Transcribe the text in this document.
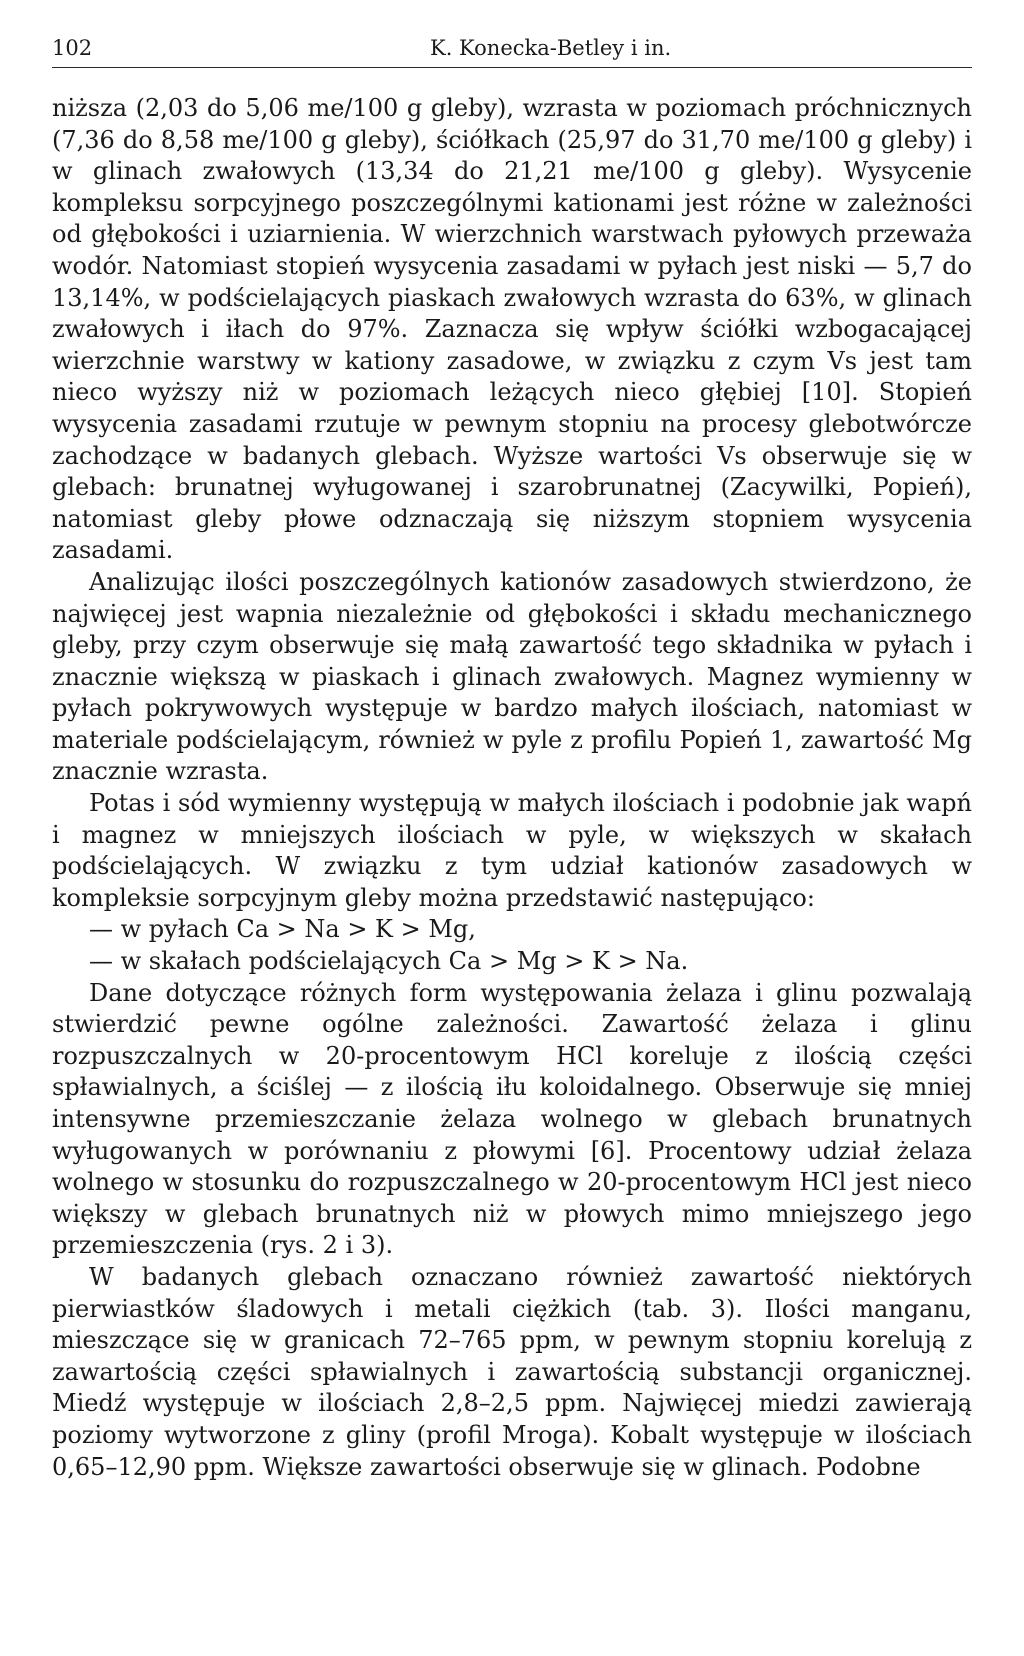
102	K. Konecka-Betley i in.

niższa (2,03 do 5,06 me/100 g gleby), wzrasta w poziomach próchnicznych (7,36 do 8,58 me/100 g gleby), ściółkach (25,97 do 31,70 me/100 g gleby) i w glinach zwałowych (13,34 do 21,21 me/100 g gleby). Wysycenie kompleksu sorpcyjnego poszczególnymi kationami jest różne w zależności od głębokości i uziarnienia. W wierzchnich warstwach pyłowych przeważa wodór. Natomiast stopień wysycenia zasadami w pyłach jest niski — 5,7 do 13,14%, w podścielających piaskach zwałowych wzrasta do 63%, w glinach zwałowych i iłach do 97%. Zaznacza się wpływ ściółki wzbogacającej wierzchnie warstwy w kationy zasadowe, w związku z czym Vs jest tam nieco wyższy niż w poziomach leżących nieco głębiej [10]. Stopień wysycenia zasadami rzutuje w pewnym stopniu na procesy glebotwórcze zachodzące w badanych glebach. Wyższe wartości Vs obserwuje się w glebach: brunatnej wyługowanej i szarobrunatnej (Zacywilki, Popień), natomiast gleby płowe odznaczają się niższym stopniem wysycenia zasadami.

Analizując ilości poszczególnych kationów zasadowych stwierdzono, że najwięcej jest wapnia niezależnie od głębokości i składu mechanicznego gleby, przy czym obserwuje się małą zawartość tego składnika w pyłach i znacznie większą w piaskach i glinach zwałowych. Magnez wymienny w pyłach pokrywowych występuje w bardzo małych ilościach, natomiast w materiale podścielającym, również w pyle z profilu Popień 1, zawartość Mg znacznie wzrasta.

Potas i sód wymienny występują w małych ilościach i podobnie jak wapń i magnez w mniejszych ilościach w pyle, w większych w skałach podścielających. W związku z tym udział kationów zasadowych w kompleksie sorpcyjnym gleby można przedstawić następująco:

— w pyłach Ca > Na > K > Mg,
— w skałach podścielających Ca > Mg > K > Na.

Dane dotyczące różnych form występowania żelaza i glinu pozwalają stwierdzić pewne ogólne zależności. Zawartość żelaza i glinu rozpuszczalnych w 20-procentowym HCl koreluje z ilością części spławialnych, a ściślej — z ilością iłu koloidalnego. Obserwuje się mniej intensywne przemieszczanie żelaza wolnego w glebach brunatnych wyługowanych w porównaniu z płowymi [6]. Procentowy udział żelaza wolnego w stosunku do rozpuszczalnego w 20-procentowym HCl jest nieco większy w glebach brunatnych niż w płowych mimo mniejszego jego przemieszczenia (rys. 2 i 3).

W badanych glebach oznaczano również zawartość niektórych pierwiastków śladowych i metali ciężkich (tab. 3). Ilości manganu, mieszczące się w granicach 72–765 ppm, w pewnym stopniu korelują z zawartością części spławialnych i zawartością substancji organicznej. Miedź występuje w ilościach 2,8–2,5 ppm. Najwięcej miedzi zawierają poziomy wytworzone z gliny (profil Mroga). Kobalt występuje w ilościach 0,65–12,90 ppm. Większe zawartości obserwuje się w glinach. Podobne
